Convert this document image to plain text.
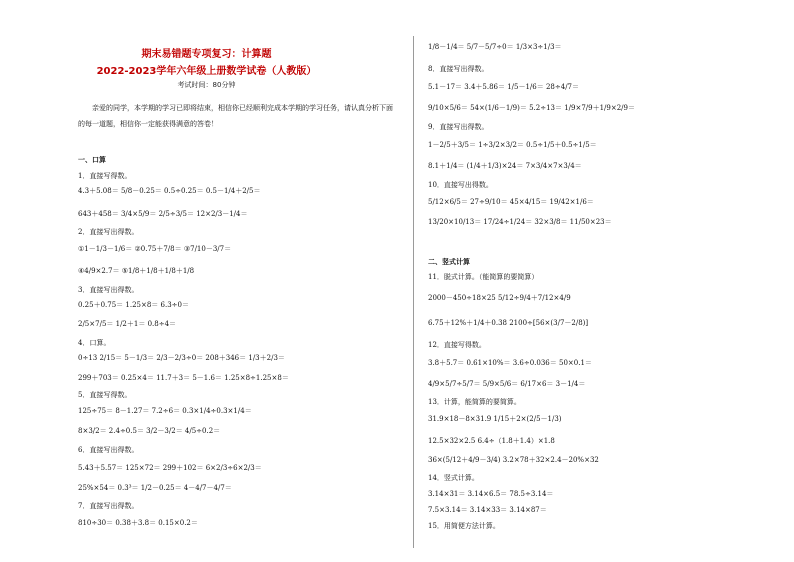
期末易错题专项复习：计算题
2022-2023学年六年级上册数学试卷（人教版）
考试时间：80分钟
亲爱的同学，本学期的学习已即将结束，相信你已经顺利完成本学期的学习任务，请认真分析下面的每一道题，相信你一定能获得满意的答卷！
一、口算
1．直接写得数。
4.3＋5.08＝ 5/8－0.25＝ 0.5÷0.25＝ 0.5－1/4＋2/5＝
643＋458＝ 3/4×5/9＝ 2/5÷3/5＝ 12×2/3－1/4＝
2．直接写出得数。
①1－1/3－1/6＝ ②0.75＋7/8＝ ③7/10－3/7＝
④4/9×2.7＝ ⑤1/8＋1/8＋1/8＋1/8
3．直接写出得数。
0.25＋0.75＝ 1.25×8＝ 6.3÷0＝
2/5×7/5＝ 1/2＋1＝ 0.8÷4＝
4．口算。
0÷13 2/15＝ 5－1/3＝ 2/3－2/3÷0＝ 208＋346＝ 1/3＋2/3＝
299＋703＝ 0.25×4＝ 11.7＋3＝ 5－1.6＝ 1.25×8÷1.25×8＝
5．直接写得数。
125÷75＝ 8－1.27＝ 7.2÷6＝ 0.3×1/4÷0.3×1/4＝
8×3/2＝ 2.4÷0.5＝ 3/2－3/2＝ 4/5÷0.2＝
6．直接写出得数。
5.43＋5.57＝ 125×72＝ 299＋102＝ 6×2/3÷6×2/3＝
25%×54＝ 0.3³＝ 1/2－0.25＝ 4－4/7－4/7＝
7．直接写出得数。
810÷30＝ 0.38＋3.8＝ 0.15×0.2＝
1/8－1/4＝ 5/7－5/7÷0＝ 1/3×3÷1/3＝
8．直接写出得数。
5.1－17＝ 3.4＋5.86＝ 1/5－1/6＝ 28÷4/7＝
9/10×5/6＝ 54×(1/6－1/9)＝ 5.2÷13＝ 1/9×7/9＋1/9×2/9＝
9．直接写出得数。
1－2/5＋3/5＝ 1÷3/2×3/2＝ 0.5÷1/5＋0.5÷1/5＝
8.1＋1/4＝ (1/4＋1/3)×24＝ 7×3/4×7×3/4＝
10．直接写出得数。
5/12×6/5＝ 27÷9/10＝ 45×4/15＝ 19/42×1/6＝
13/20×10/13＝ 17/24÷1/24＝ 32×3/8＝ 11/50×23＝
二、竖式计算
11．脱式计算。（能简算的要简算）
2000－450÷18×25 5/12÷9/4＋7/12×4/9
6.75＋12%＋1/4＋0.38 2100÷[56×(3/7－2/8)]
12．直接写得数。
3.8＋5.7＝ 0.61×10%＝ 3.6÷0.036＝ 50×0.1＝
4/9×5/7÷5/7＝ 5/9×5/6＝ 6/17×6＝ 3－1/4＝
13．计算，能简算的要简算。
31.9×18－8×31.9 1/15＋2×(2/5－1/3)
12.5×32×2.5 6.4÷（1.8＋1.4）×1.8
36×(5/12＋4/9－3/4) 3.2×78＋32×2.4－20%×32
14．竖式计算。
3.14×31＝ 3.14×6.5＝ 78.5÷3.14＝
7.5×3.14＝ 3.14×33＝ 3.14×87＝
15．用简便方法计算。
